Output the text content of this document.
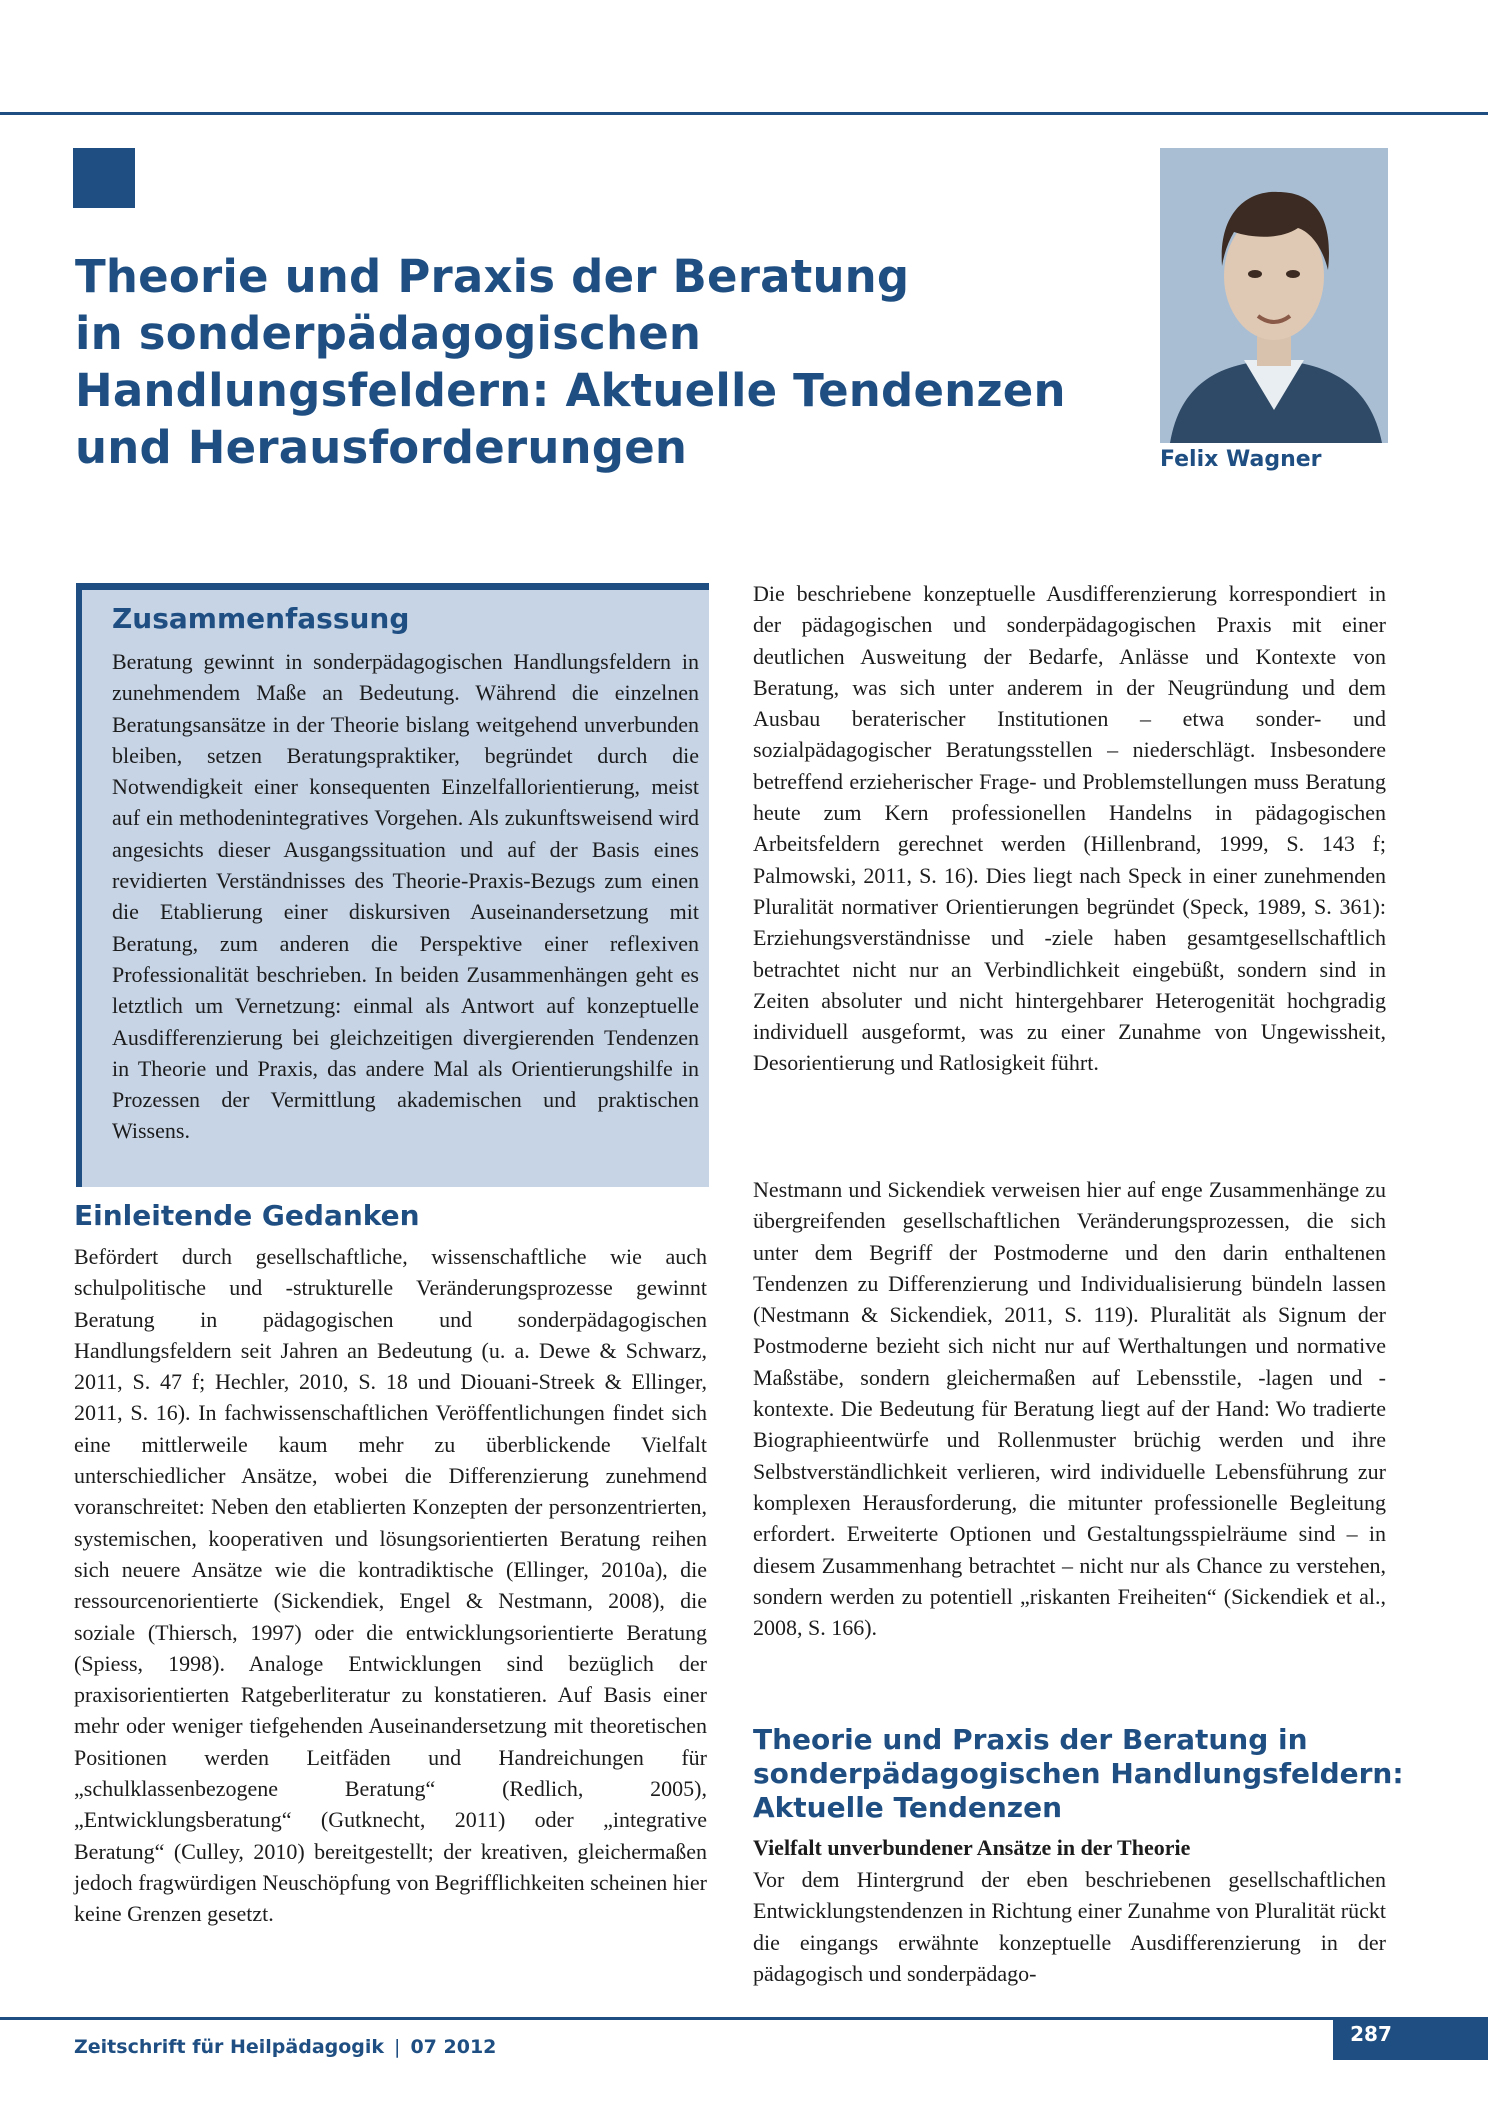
Theorie und Praxis der Beratung
in sonderpädagogischen
Handlungsfeldern: Aktuelle Tendenzen
und Herausforderungen	Felix Wagner
Zusammenfassung

Beratung gewinnt in sonderpädagogischen Handlungsfeldern in zunehmendem Maße an Bedeutung. Während die einzelnen Beratungsansätze in der Theorie bislang weitgehend unverbunden bleiben, setzen Beratungspraktiker, begründet durch die Notwendigkeit einer konsequenten Einzelfallorientierung, meist auf ein methodenintegratives Vorgehen. Als zukunftsweisend wird angesichts dieser Ausgangssituation und auf der Basis eines revidierten Verständnisses des Theorie-Praxis-Bezugs zum einen die Etablierung einer diskursiven Auseinandersetzung mit Beratung, zum anderen die Perspektive einer reflexiven Professionalität beschrieben. In beiden Zusammenhängen geht es letztlich um Vernetzung: einmal als Antwort auf konzeptuelle Ausdifferenzierung bei gleichzeitigen divergierenden Tendenzen in Theorie und Praxis, das andere Mal als Orientierungshilfe in Prozessen der Vermittlung akademischen und praktischen Wissens.

Einleitende Gedanken

Befördert durch gesellschaftliche, wissenschaftliche wie auch schulpolitische und -strukturelle Veränderungsprozesse gewinnt Beratung in pädagogischen und sonderpädagogischen Handlungsfeldern seit Jahren an Bedeutung (u. a. Dewe & Schwarz, 2011, S. 47 f; Hechler, 2010, S. 18 und Diouani-Streek & Ellinger, 2011, S. 16). In fachwissenschaftlichen Veröffentlichungen findet sich eine mittlerweile kaum mehr zu überblickende Vielfalt unterschiedlicher Ansätze, wobei die Differenzierung zunehmend voranschreitet: Neben den etablierten Konzepten der personzentrierten, systemischen, kooperativen und lösungsorientierten Beratung reihen sich neuere Ansätze wie die kontradiktische (Ellinger, 2010a), die ressourcenorientierte (Sickendiek, Engel & Nestmann, 2008), die soziale (Thiersch, 1997) oder die entwicklungsorientierte Beratung (Spiess, 1998). Analoge Entwicklungen sind bezüglich der praxisorientierten Ratgeberliteratur zu konstatieren. Auf Basis einer mehr oder weniger tiefgehenden Auseinandersetzung mit theoretischen Positionen werden Leitfäden und Handreichungen für „schulklassenbezogene Beratung“ (Redlich, 2005), „Entwicklungsberatung“ (Gutknecht, 2011) oder „integrative Beratung“ (Culley, 2010) bereitgestellt; der kreativen, gleichermaßen jedoch fragwürdigen Neuschöpfung von Begrifflichkeiten scheinen hier keine Grenzen gesetzt.

Die beschriebene konzeptuelle Ausdifferenzierung korrespondiert in der pädagogischen und sonderpädagogischen Praxis mit einer deutlichen Ausweitung der Bedarfe, Anlässe und Kontexte von Beratung, was sich unter anderem in der Neugründung und dem Ausbau beraterischer Institutionen – etwa sonder- und sozialpädagogischer Beratungsstellen – niederschlägt. Insbesondere betreffend erzieherischer Frage- und Problemstellungen muss Beratung heute zum Kern professionellen Handelns in pädagogischen Arbeitsfeldern gerechnet werden (Hillenbrand, 1999, S. 143 f; Palmowski, 2011, S. 16). Dies liegt nach Speck in einer zunehmenden Pluralität normativer Orientierungen begründet (Speck, 1989, S. 361): Erziehungsverständnisse und -ziele haben gesamtgesellschaftlich betrachtet nicht nur an Verbindlichkeit eingebüßt, sondern sind in Zeiten absoluter und nicht hintergehbarer Heterogenität hochgradig individuell ausgeformt, was zu einer Zunahme von Ungewissheit, Desorientierung und Ratlosigkeit führt.

Nestmann und Sickendiek verweisen hier auf enge Zusammenhänge zu übergreifenden gesellschaftlichen Veränderungsprozessen, die sich unter dem Begriff der Postmoderne und den darin enthaltenen Tendenzen zu Differenzierung und Individualisierung bündeln lassen (Nestmann & Sickendiek, 2011, S. 119). Pluralität als Signum der Postmoderne bezieht sich nicht nur auf Werthaltungen und normative Maßstäbe, sondern gleichermaßen auf Lebensstile, -lagen und -kontexte. Die Bedeutung für Beratung liegt auf der Hand: Wo tradierte Biographieentwürfe und Rollenmuster brüchig werden und ihre Selbstverständlichkeit verlieren, wird individuelle Lebensführung zur komplexen Herausforderung, die mitunter professionelle Begleitung erfordert. Erweiterte Optionen und Gestaltungsspielräume sind – in diesem Zusammenhang betrachtet – nicht nur als Chance zu verstehen, sondern werden zu potentiell „riskanten Freiheiten“ (Sickendiek et al., 2008, S. 166).

Theorie und Praxis der Beratung in
sonderpädagogischen Handlungsfeldern:
Aktuelle Tendenzen
Vielfalt unverbundener Ansätze in der Theorie

Vor dem Hintergrund der eben beschriebenen gesellschaftlichen Entwicklungstendenzen in Richtung einer Zunahme von Pluralität rückt die eingangs erwähnte konzeptuelle Ausdifferenzierung in der pädagogisch und sonderpädago-

Zeitschrift für Heilpädagogik | 07 2012
287
